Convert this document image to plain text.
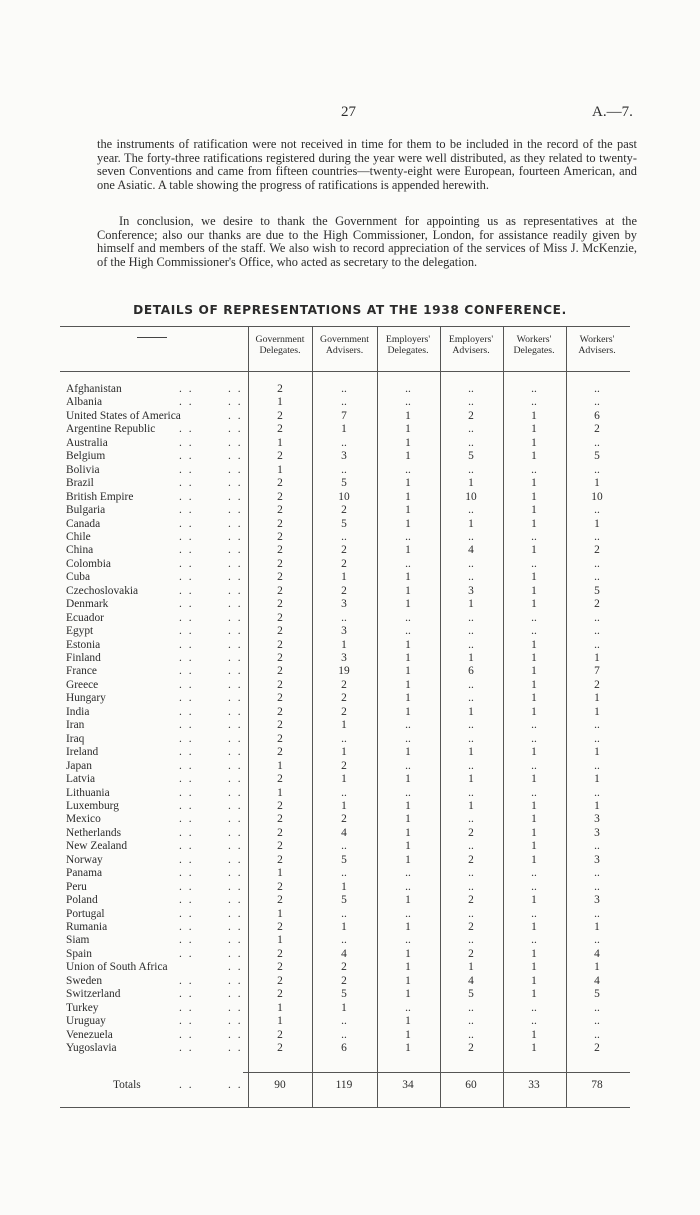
27	A.—7.

the instruments of ratification were not received in time for them to be included in the record of the past year. The forty-three ratifications registered during the year were well distributed, as they related to twenty-seven Conventions and came from fifteen countries—twenty-eight were European, fourteen American, and one Asiatic. A table showing the progress of ratifications is appended herewith.

In conclusion, we desire to thank the Government for appointing us as representatives at the Conference; also our thanks are due to the High Commissioner, London, for assistance readily given by himself and members of the staff. We also wish to record appreciation of the services of Miss J. McKenzie, of the High Commissioner's Office, who acted as secretary to the delegation.

DETAILS OF REPRESENTATIONS AT THE 1938 CONFERENCE.
Government
Delegates.
Government
Advisers.
Employers'
Delegates.
Employers'
Advisers.
Workers'
Delegates.
Workers'
Advisers.
Afghanistan	. .	. .	2	..	..	..	..	..
Albania	. .	. .	1	..	..	..	..	..
United States of America	. .	2	7	1	2	1	6
Argentine Republic . .	. .	2	1	1	..	1	2
Australia	. .	. .	1	..	1	..	1	..
Belgium	. .	. .	2	3	1	5	1	5
Bolivia	. .	. .	1	..	..	..	..	..
Brazil	. .	. .	2	5	1	1	1	1
British Empire	. .	. .	2	10	1	10	1	10
Bulgaria	. .	. .	2	2	1	..	1	..
Canada	. .	. .	2	5	1	1	1	1
Chile	. .	. .	2	..	..	..	..	..
China	. .	. .	2	2	1	4	1	2
Colombia	. .	. .	2	2	..	..	..	..
Cuba	. .	. .	2	1	1	..	1	..
Czechoslovakia	. .	. .	2	2	1	3	1	5
Denmark	. .	. .	2	3	1	1	1	2
Ecuador	. .	. .	2	..	..	..	..	..
Egypt	. .	. .	2	3	..	..	..	..
Estonia	. .	. .	2	1	1	..	1	..
Finland	. .	. .	2	3	1	1	1	1
France	. .	. .	2	19	1	6	1	7
Greece	. .	. .	2	2	1	..	1	2
Hungary	. .	. .	2	2	1	..	1	1
India	. .	. .	2	2	1	1	1	1
Iran	. .	. .	2	1	..	..	..	..
Iraq	. .	. .	2	..	..	..	..	..
Ireland	. .	. .	2	1	1	1	1	1
Japan	. .	. .	1	2	..	..	..	..
Latvia	. .	. .	2	1	1	1	1	1
Lithuania	. .	. .	1	..	..	..	..	..
Luxemburg	. .	. .	2	1	1	1	1	1
Mexico	. .	. .	2	2	1	..	1	3
Netherlands	. .	. .	2	4	1	2	1	3
New Zealand	. .	. .	2	..	1	..	1	..
Norway	. .	. .	2	5	1	2	1	3
Panama	. .	. .	1	..	..	..	..	..
Peru	. .	. .	2	1	..	..	..	..
Poland	. .	. .	2	5	1	2	1	3
Portugal	. .	. .	1	..	..	..	..	..
Rumania	. .	. .	2	1	1	2	1	1
Siam	. .	. .	1	..	..	..	..	..
Spain	. .	. .	2	4	1	2	1	4
Union of South Africa	. .	2	2	1	1	1	1
Sweden	. .	. .	2	2	1	4	1	4
Switzerland	. .	. .	2	5	1	5	1	5
Turkey	. .	. .	1	1	..	..	..	..
Uruguay	. .	. .	1	..	1	..	..	..
Venezuela	. .	. .	2	..	1	..	1	..
Yugoslavia	. .	. .	2	6	1	2	1	2
Totals	. .	. .	90	119	34	60	33	78
